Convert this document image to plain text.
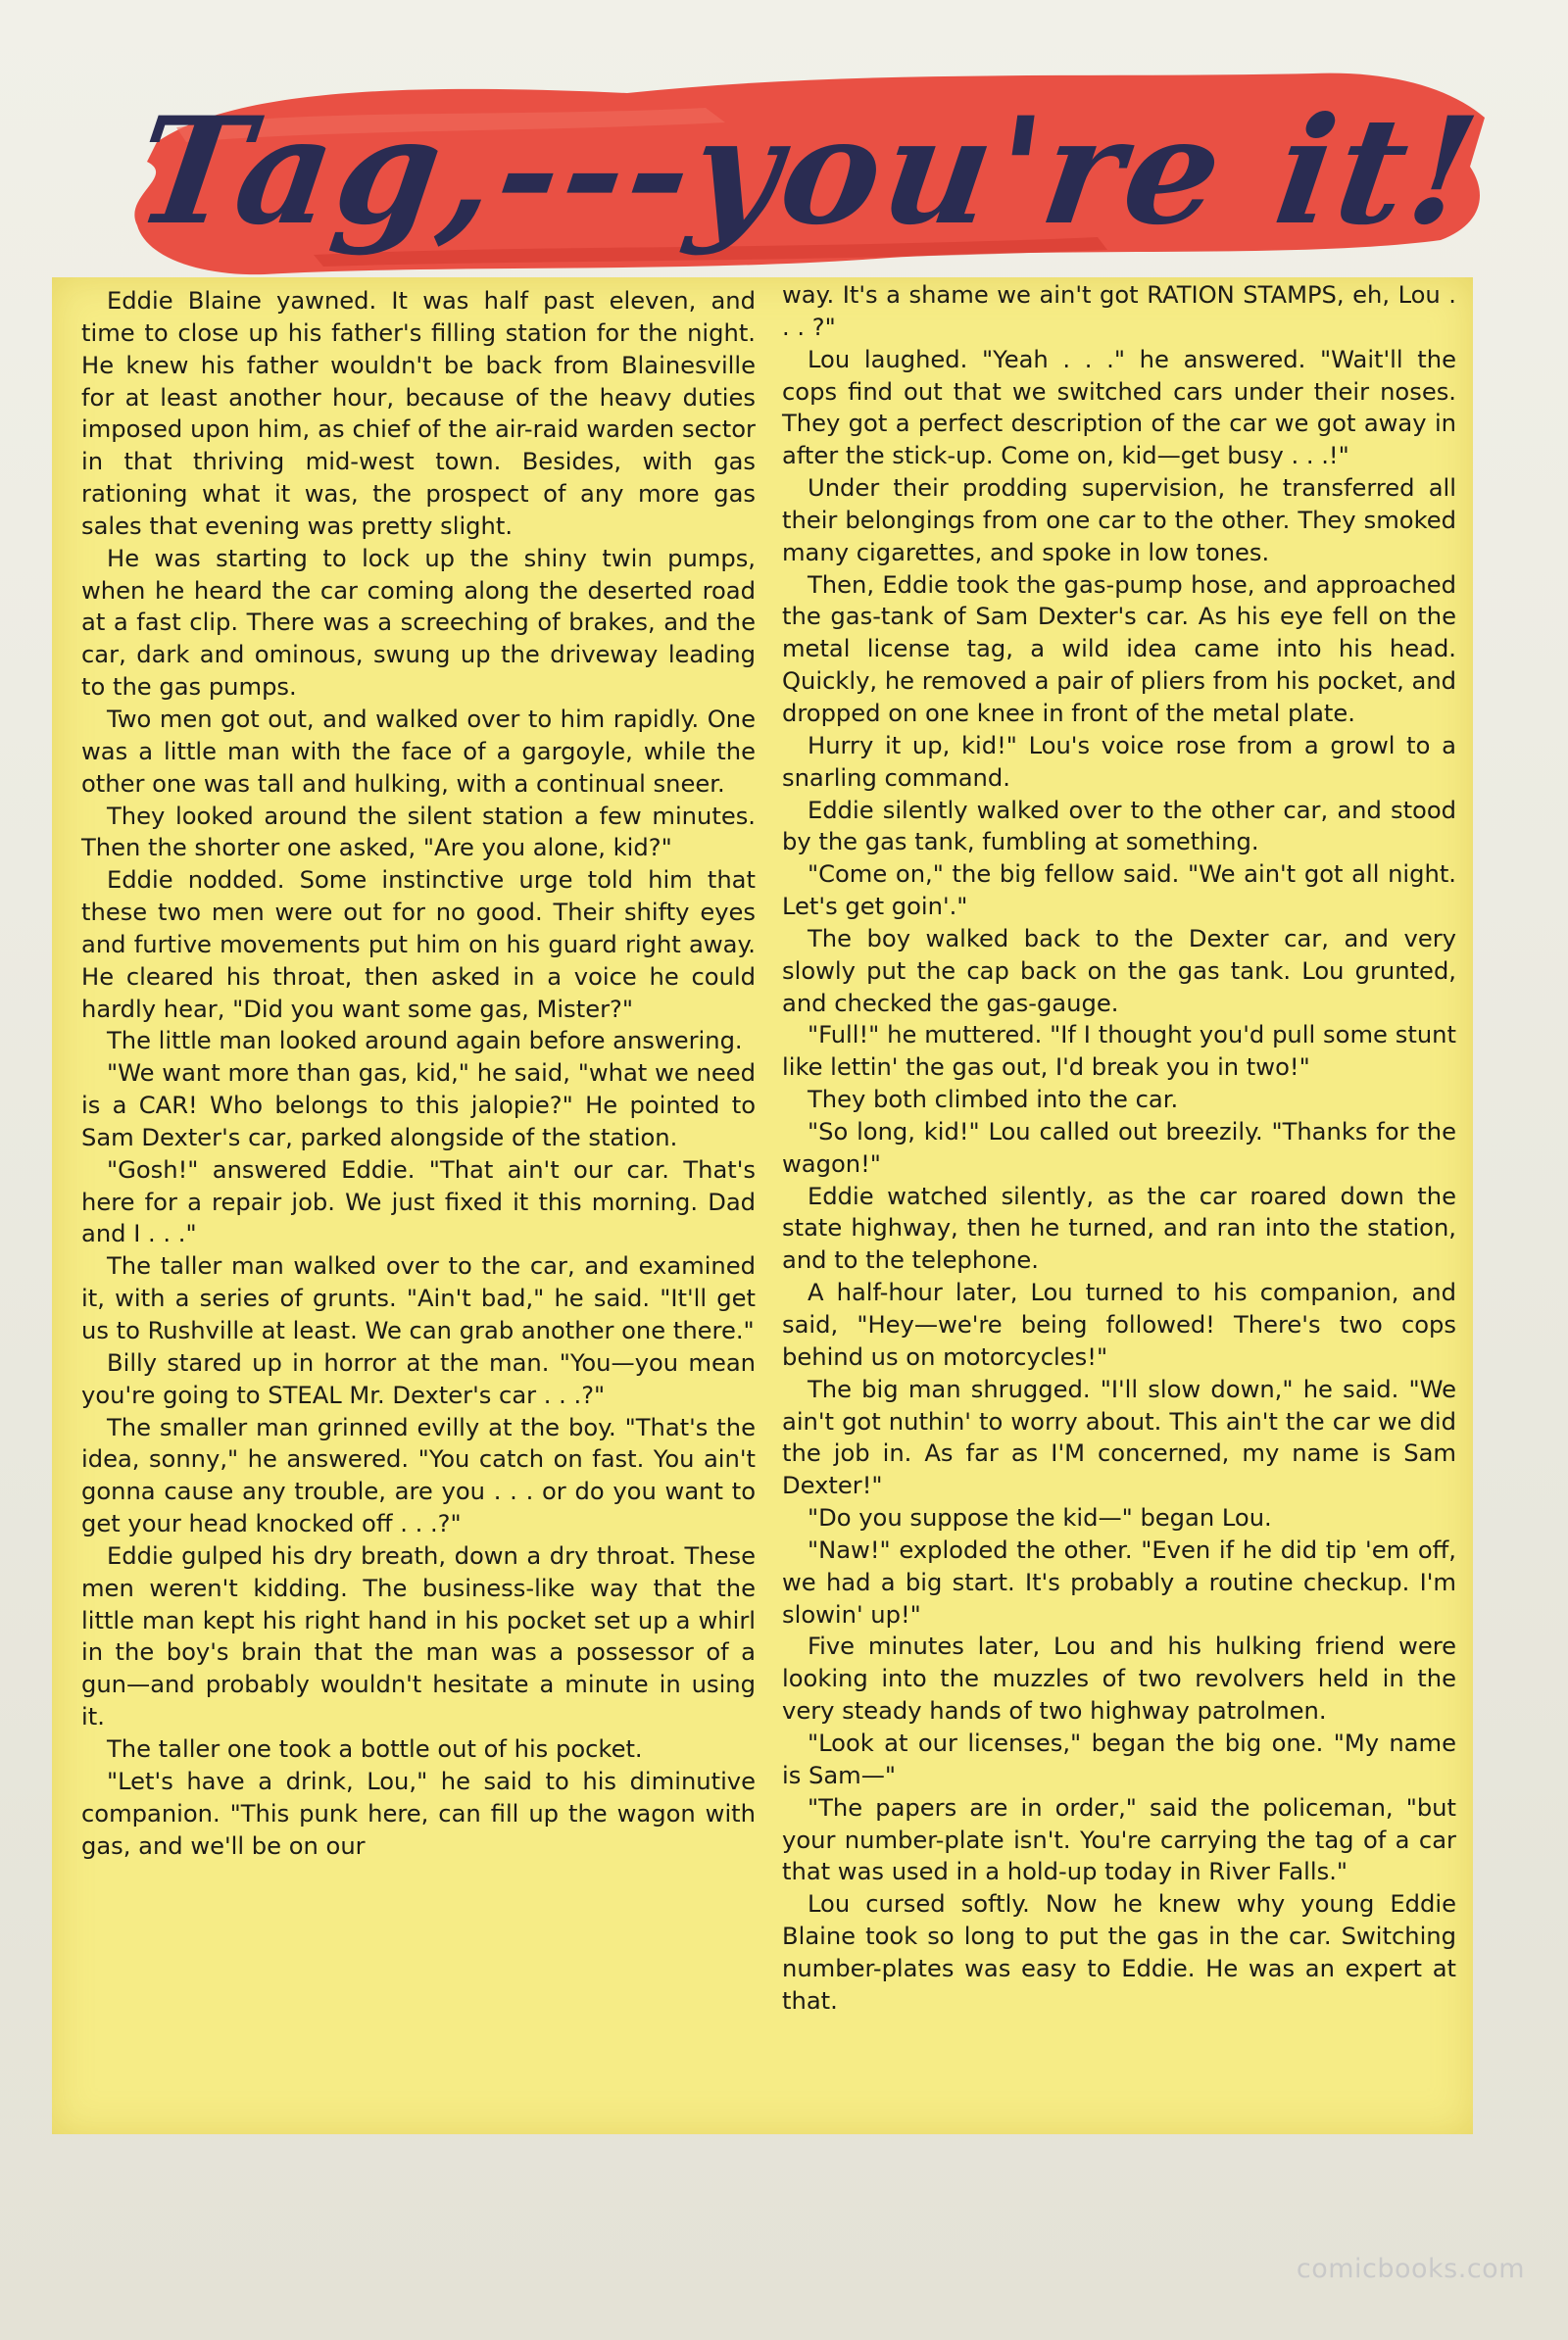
Tag,---you're it!

Eddie Blaine yawned. It was half past eleven, and time to close up his father's filling station for the night. He knew his father wouldn't be back from Blainesville for at least another hour, because of the heavy duties imposed upon him, as chief of the air-raid warden sector in that thriving mid-west town. Besides, with gas rationing what it was, the prospect of any more gas sales that evening was pretty slight.

He was starting to lock up the shiny twin pumps, when he heard the car coming along the deserted road at a fast clip. There was a screeching of brakes, and the car, dark and ominous, swung up the driveway leading to the gas pumps.

Two men got out, and walked over to him rapidly. One was a little man with the face of a gargoyle, while the other one was tall and hulking, with a continual sneer.

They looked around the silent station a few minutes. Then the shorter one asked, "Are you alone, kid?"

Eddie nodded. Some instinctive urge told him that these two men were out for no good. Their shifty eyes and furtive movements put him on his guard right away. He cleared his throat, then asked in a voice he could hardly hear, "Did you want some gas, Mister?"

The little man looked around again before answering.

"We want more than gas, kid," he said, "what we need is a CAR! Who belongs to this jalopie?" He pointed to Sam Dexter's car, parked alongside of the station.

"Gosh!" answered Eddie. "That ain't our car. That's here for a repair job. We just fixed it this morning. Dad and I . . ."

The taller man walked over to the car, and examined it, with a series of grunts. "Ain't bad," he said. "It'll get us to Rushville at least. We can grab another one there."

Billy stared up in horror at the man. "You—you mean you're going to STEAL Mr. Dexter's car . . .?"

The smaller man grinned evilly at the boy. "That's the idea, sonny," he answered. "You catch on fast. You ain't gonna cause any trouble, are you . . . or do you want to get your head knocked off . . .?"

Eddie gulped his dry breath, down a dry throat. These men weren't kidding. The business-like way that the little man kept his right hand in his pocket set up a whirl in the boy's brain that the man was a possessor of a gun—and probably wouldn't hesitate a minute in using it.

The taller one took a bottle out of his pocket.

"Let's have a drink, Lou," he said to his diminutive companion. "This punk here, can fill up the wagon with gas, and we'll be on our

way. It's a shame we ain't got RATION STAMPS, eh, Lou . . . ?"

Lou laughed. "Yeah . . ." he answered. "Wait'll the cops find out that we switched cars under their noses. They got a perfect description of the car we got away in after the stick-up. Come on, kid—get busy . . .!"

Under their prodding supervision, he transferred all their belongings from one car to the other. They smoked many cigarettes, and spoke in low tones.

Then, Eddie took the gas-pump hose, and approached the gas-tank of Sam Dexter's car. As his eye fell on the metal license tag, a wild idea came into his head. Quickly, he removed a pair of pliers from his pocket, and dropped on one knee in front of the metal plate.

Hurry it up, kid!" Lou's voice rose from a growl to a snarling command.

Eddie silently walked over to the other car, and stood by the gas tank, fumbling at something.

"Come on," the big fellow said. "We ain't got all night. Let's get goin'."

The boy walked back to the Dexter car, and very slowly put the cap back on the gas tank. Lou grunted, and checked the gas-gauge.

"Full!" he muttered. "If I thought you'd pull some stunt like lettin' the gas out, I'd break you in two!"

They both climbed into the car.

"So long, kid!" Lou called out breezily. "Thanks for the wagon!"

Eddie watched silently, as the car roared down the state highway, then he turned, and ran into the station, and to the telephone.

A half-hour later, Lou turned to his companion, and said, "Hey—we're being followed! There's two cops behind us on motorcycles!"

The big man shrugged. "I'll slow down," he said. "We ain't got nuthin' to worry about. This ain't the car we did the job in. As far as I'M concerned, my name is Sam Dexter!"

"Do you suppose the kid—" began Lou.

"Naw!" exploded the other. "Even if he did tip 'em off, we had a big start. It's probably a routine checkup. I'm slowin' up!"

Five minutes later, Lou and his hulking friend were looking into the muzzles of two revolvers held in the very steady hands of two highway patrolmen.

"Look at our licenses," began the big one. "My name is Sam—"

"The papers are in order," said the policeman, "but your number-plate isn't. You're carrying the tag of a car that was used in a hold-up today in River Falls."

Lou cursed softly. Now he knew why young Eddie Blaine took so long to put the gas in the car. Switching number-plates was easy to Eddie. He was an expert at that.

comicbooks.com
